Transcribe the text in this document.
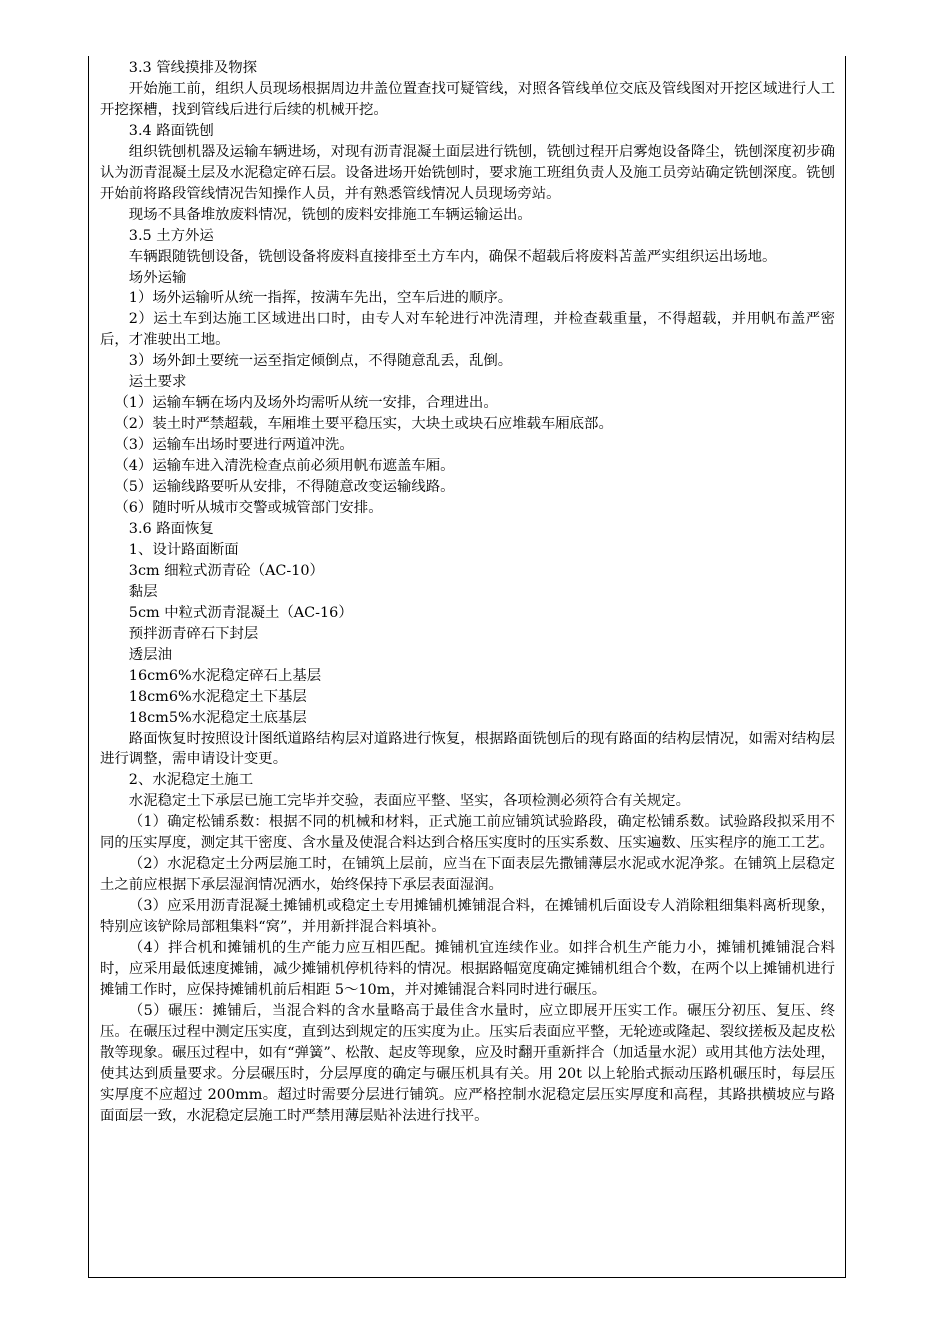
3.3 管线摸排及物探

开始施工前，组织人员现场根据周边井盖位置查找可疑管线，对照各管线单位交底及管线图对开挖区域进行人工开挖探槽，找到管线后进行后续的机械开挖。

3.4 路面铣刨

组织铣刨机器及运输车辆进场，对现有沥青混凝土面层进行铣刨，铣刨过程开启雾炮设备降尘，铣刨深度初步确认为沥青混凝土层及水泥稳定碎石层。设备进场开始铣刨时，要求施工班组负责人及施工员旁站确定铣刨深度。铣刨开始前将路段管线情况告知操作人员，并有熟悉管线情况人员现场旁站。

现场不具备堆放废料情况，铣刨的废料安排施工车辆运输运出。

3.5 土方外运

车辆跟随铣刨设备，铣刨设备将废料直接排至土方车内，确保不超载后将废料苫盖严实组织运出场地。

场外运输

1）场外运输听从统一指挥，按满车先出，空车后进的顺序。

2）运土车到达施工区域进出口时，由专人对车轮进行冲洗清理，并检查载重量，不得超载，并用帆布盖严密后，才准驶出工地。

3）场外卸土要统一运至指定倾倒点，不得随意乱丢，乱倒。

运土要求

（1）运输车辆在场内及场外均需听从统一安排，合理进出。

（2）装土时严禁超载，车厢堆土要平稳压实，大块土或块石应堆载车厢底部。

（3）运输车出场时要进行两道冲洗。

（4）运输车进入清洗检查点前必须用帆布遮盖车厢。

（5）运输线路要听从安排，不得随意改变运输线路。

（6）随时听从城市交警或城管部门安排。

3.6 路面恢复

1、设计路面断面

3cm 细粒式沥青砼（AC-10）

黏层

5cm 中粒式沥青混凝土（AC-16）

预拌沥青碎石下封层

透层油

16cm6%水泥稳定碎石上基层

18cm6%水泥稳定土下基层

18cm5%水泥稳定土底基层

路面恢复时按照设计图纸道路结构层对道路进行恢复，根据路面铣刨后的现有路面的结构层情况，如需对结构层进行调整，需申请设计变更。

2、水泥稳定土施工

水泥稳定土下承层已施工完毕并交验，表面应平整、坚实，各项检测必须符合有关规定。

（1）确定松铺系数：根据不同的机械和材料，正式施工前应铺筑试验路段，确定松铺系数。试验路段拟采用不同的压实厚度，测定其干密度、含水量及使混合料达到合格压实度时的压实系数、压实遍数、压实程序的施工工艺。

（2）水泥稳定土分两层施工时，在铺筑上层前，应当在下面表层先撒铺薄层水泥或水泥净浆。在铺筑上层稳定土之前应根据下承层湿润情况洒水，始终保持下承层表面湿润。

（3）应采用沥青混凝土摊铺机或稳定土专用摊铺机摊铺混合料，在摊铺机后面设专人消除粗细集料离析现象，特别应该铲除局部粗集料“窝”，并用新拌混合料填补。

（4）拌合机和摊铺机的生产能力应互相匹配。摊铺机宜连续作业。如拌合机生产能力小，摊铺机摊铺混合料时，应采用最低速度摊铺，减少摊铺机停机待料的情况。根据路幅宽度确定摊铺机组合个数，在两个以上摊铺机进行摊铺工作时，应保持摊铺机前后相距 5～10m，并对摊铺混合料同时进行碾压。

（5）碾压：摊铺后，当混合料的含水量略高于最佳含水量时，应立即展开压实工作。碾压分初压、复压、终压。在碾压过程中测定压实度，直到达到规定的压实度为止。压实后表面应平整，无轮迹或隆起、裂纹搓板及起皮松散等现象。碾压过程中，如有“弹簧”、松散、起皮等现象，应及时翻开重新拌合（加适量水泥）或用其他方法处理，使其达到质量要求。分层碾压时，分层厚度的确定与碾压机具有关。用 20t 以上轮胎式振动压路机碾压时，每层压实厚度不应超过 200mm。超过时需要分层进行铺筑。应严格控制水泥稳定层压实厚度和高程，其路拱横坡应与路面面层一致，水泥稳定层施工时严禁用薄层贴补法进行找平。
